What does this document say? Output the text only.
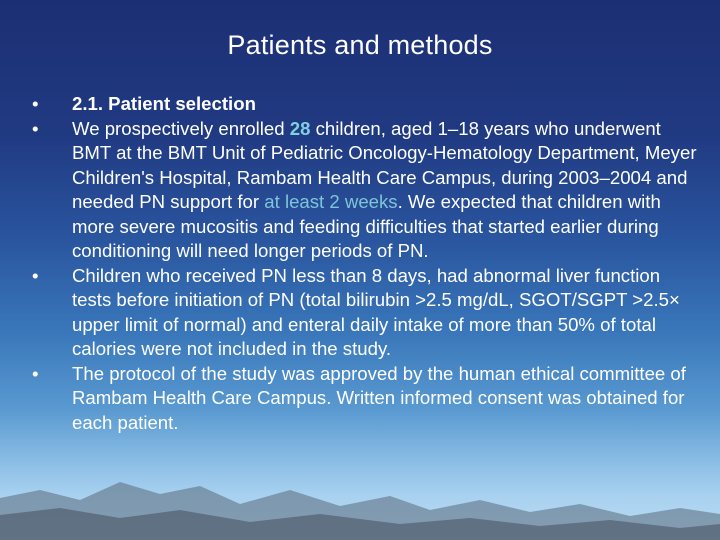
Patients and methods
• 2.1. Patient selection
• We prospectively enrolled 28 children, aged 1–18 years who underwent BMT at the BMT Unit of Pediatric Oncology-Hematology Department, Meyer Children's Hospital, Rambam Health Care Campus, during 2003–2004 and needed PN support for at least 2 weeks. We expected that children with more severe mucositis and feeding difficulties that started earlier during conditioning will need longer periods of PN.
• Children who received PN less than 8 days, had abnormal liver function tests before initiation of PN (total bilirubin >2.5 mg/dL, SGOT/SGPT >2.5× upper limit of normal) and enteral daily intake of more than 50% of total calories were not included in the study.
• The protocol of the study was approved by the human ethical committee of Rambam Health Care Campus. Written informed consent was obtained for each patient.
